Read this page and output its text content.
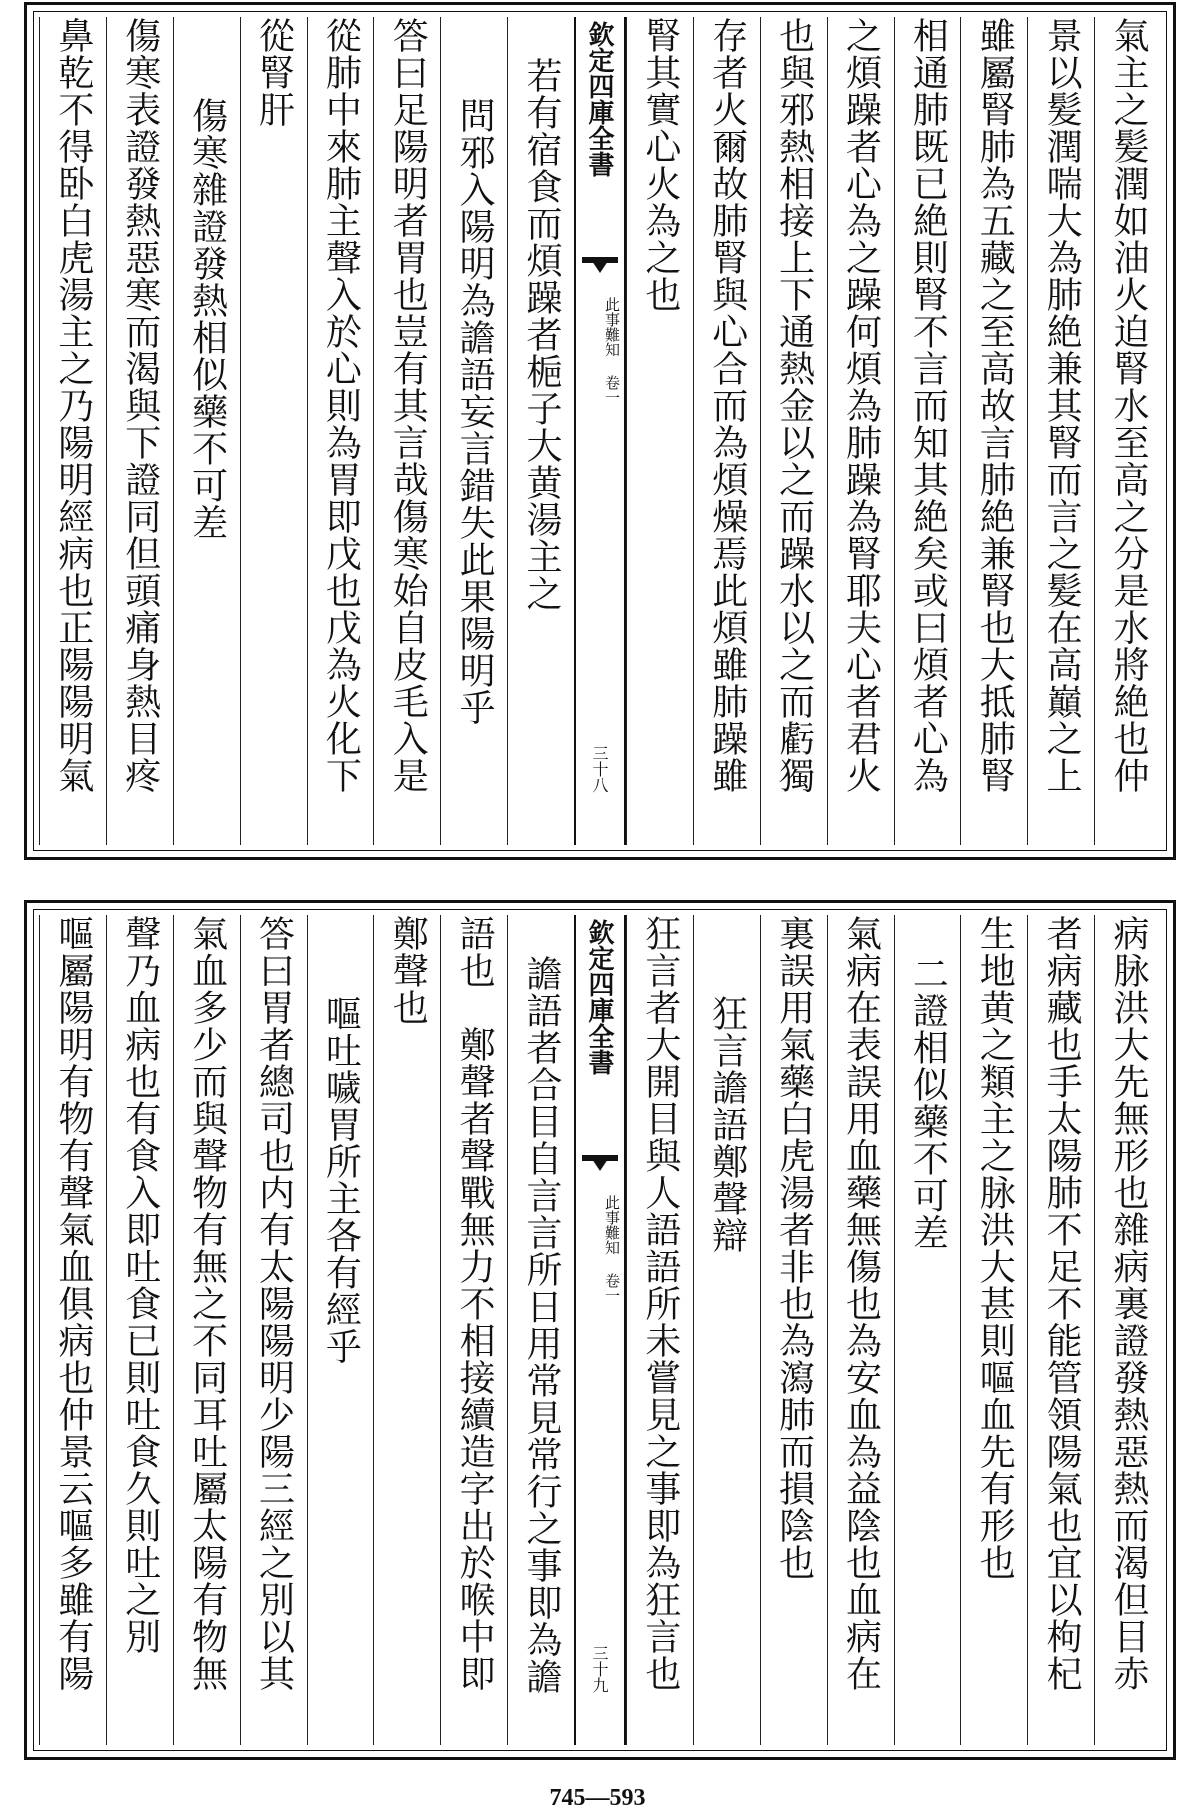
氣主之髪潤如油火迫腎水至高之分是水將絶也仲
景以髪潤喘大為肺絶兼其腎而言之髪在高巔之上
雖屬腎肺為五藏之至高故言肺絶兼腎也大抵肺腎
相通肺既已絶則腎不言而知其絶矣或曰煩者心為
之煩躁者心為之躁何煩為肺躁為腎耶夫心者君火
也與邪熱相接上下通熱金以之而躁水以之而虧獨
存者火爾故肺腎與心合而為煩燥焉此煩雖肺躁雖
腎其實心火為之也
欽定四庫全書
此事難知 卷一
三十八
若有宿食而煩躁者梔子大黄湯主之
問邪入陽明為譫語妄言錯失此果陽明乎
答曰足陽明者胃也豈有其言哉傷寒始自皮毛入是
從肺中來肺主聲入於心則為胃即戊也戊為火化下
從腎肝
傷寒雜證發熱相似藥不可差
傷寒表證發熱惡寒而渴與下證同但頭痛身熱目疼
鼻乾不得卧白虎湯主之乃陽明經病也正陽陽明氣
病脉洪大先無形也雜病裏證發熱惡熱而渴但目赤
者病藏也手太陽肺不足不能管領陽氣也宜以枸杞
生地黄之類主之脉洪大甚則嘔血先有形也
二證相似藥不可差
氣病在表誤用血藥無傷也為安血為益陰也血病在
裏誤用氣藥白虎湯者非也為瀉肺而損陰也
狂言譫語鄭聲辯
狂言者大開目與人語語所未嘗見之事即為狂言也
欽定四庫全書
此事難知 卷一
三十九
譫語者合目自言言所日用常見常行之事即為譫
語也　鄭聲者聲戰無力不相接續造字出於喉中即
鄭聲也
嘔吐噦胃所主各有經乎
答曰胃者總司也内有太陽陽明少陽三經之別以其
氣血多少而與聲物有無之不同耳吐屬太陽有物無
聲乃血病也有食入即吐食已則吐食久則吐之別
嘔屬陽明有物有聲氣血俱病也仲景云嘔多雖有陽
745—593
